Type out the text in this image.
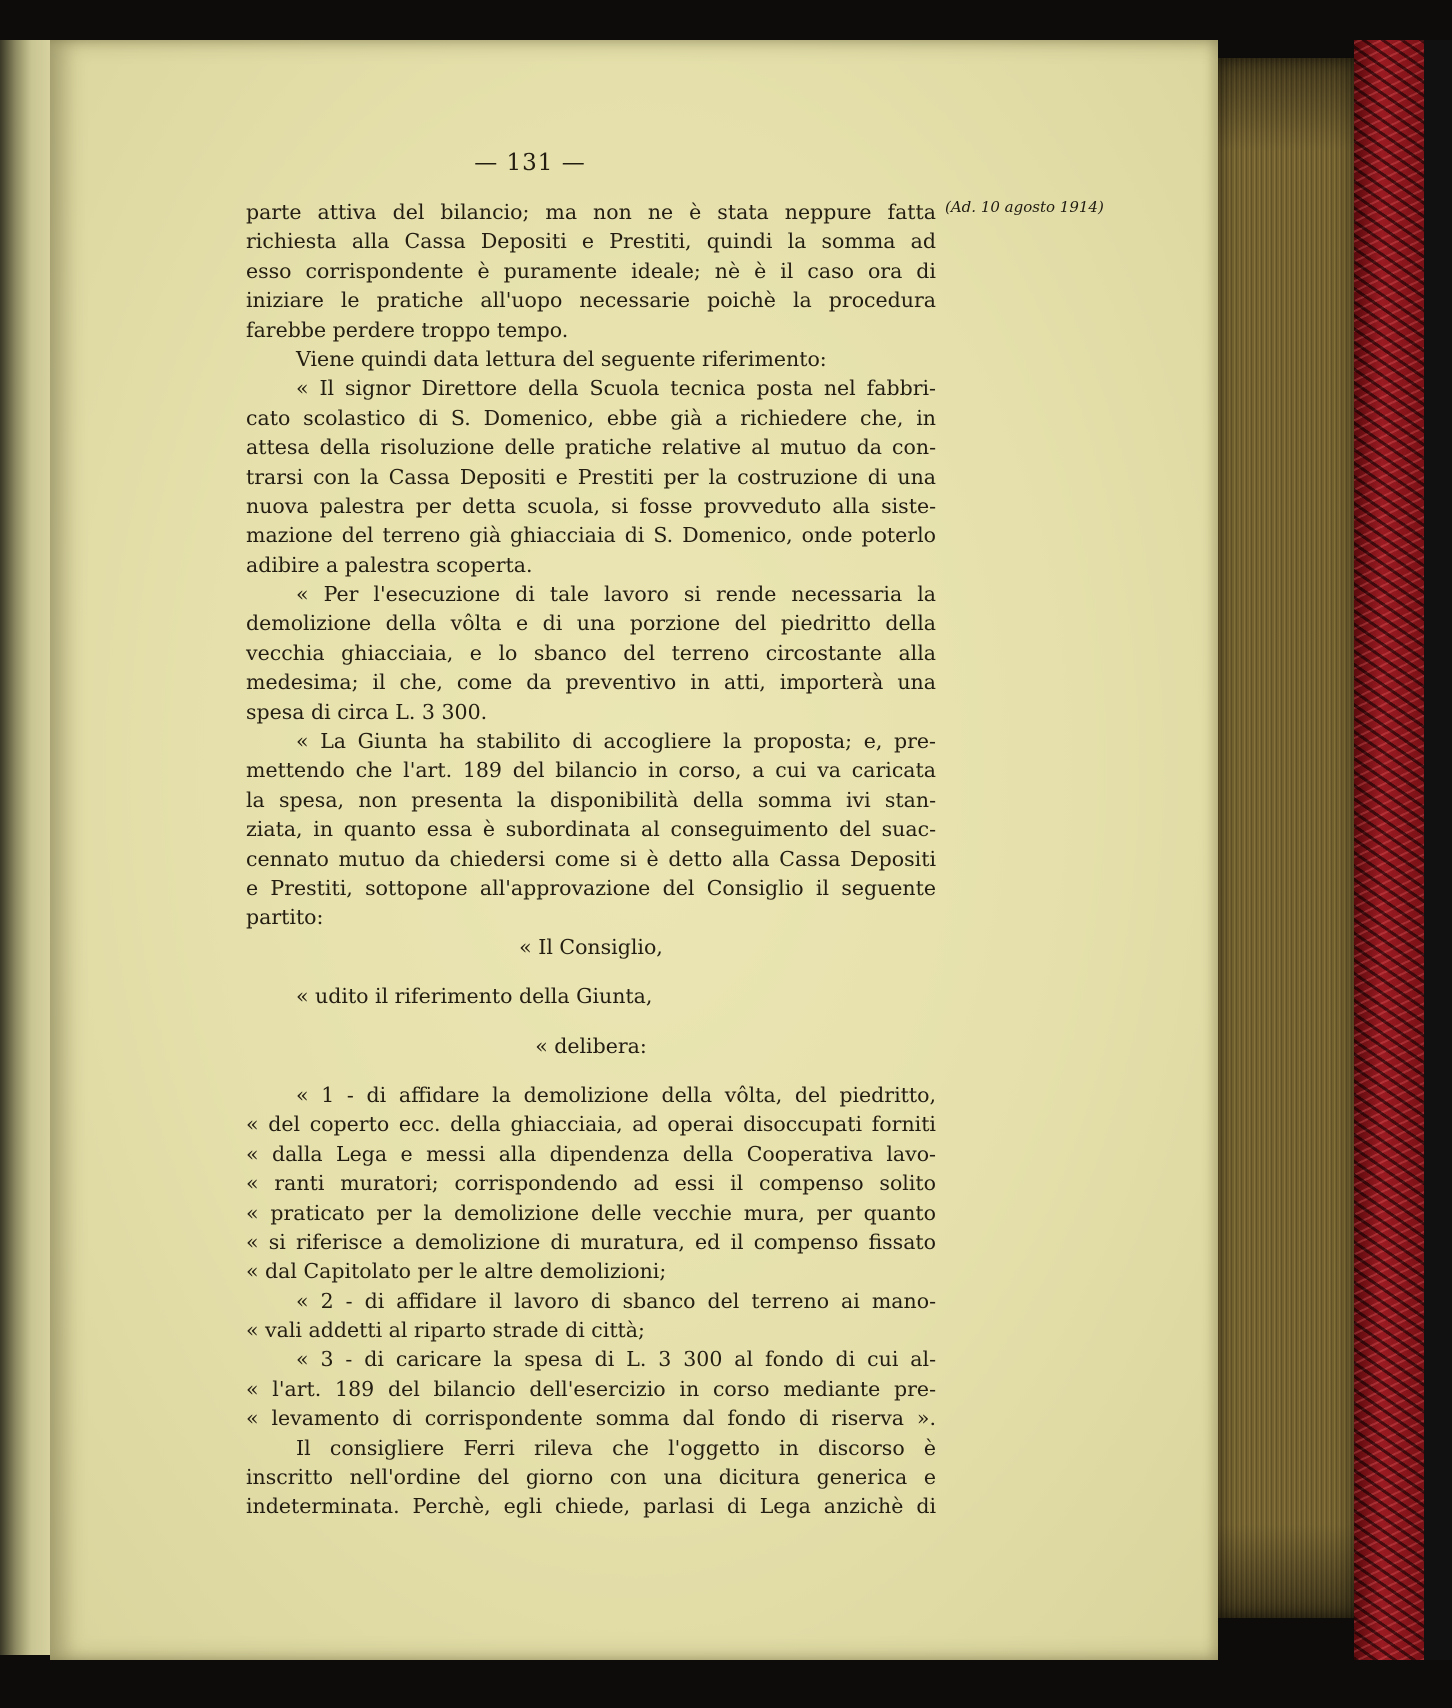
— 131 —
(Ad. 10 agosto 1914)
parte attiva del bilancio; ma non ne è stata neppure fatta
richiesta alla Cassa Depositi e Prestiti, quindi la somma ad
esso corrispondente è puramente ideale; nè è il caso ora di
iniziare le pratiche all'uopo necessarie poichè la procedura
farebbe perdere troppo tempo.
Viene quindi data lettura del seguente riferimento:
« Il signor Direttore della Scuola tecnica posta nel fabbri-
cato scolastico di S. Domenico, ebbe già a richiedere che, in
attesa della risoluzione delle pratiche relative al mutuo da con-
trarsi con la Cassa Depositi e Prestiti per la costruzione di una
nuova palestra per detta scuola, si fosse provveduto alla siste-
mazione del terreno già ghiacciaia di S. Domenico, onde poterlo
adibire a palestra scoperta.
« Per l'esecuzione di tale lavoro si rende necessaria la
demolizione della vôlta e di una porzione del piedritto della
vecchia ghiacciaia, e lo sbanco del terreno circostante alla
medesima; il che, come da preventivo in atti, importerà una
spesa di circa L. 3 300.
« La Giunta ha stabilito di accogliere la proposta; e, pre-
mettendo che l'art. 189 del bilancio in corso, a cui va caricata
la spesa, non presenta la disponibilità della somma ivi stan-
ziata, in quanto essa è subordinata al conseguimento del suac-
cennato mutuo da chiedersi come si è detto alla Cassa Depositi
e Prestiti, sottopone all'approvazione del Consiglio il seguente
partito:
« Il Consiglio,
« udito il riferimento della Giunta,
« delibera:
« 1 - di affidare la demolizione della vôlta, del piedritto,
« del coperto ecc. della ghiacciaia, ad operai disoccupati forniti
« dalla Lega e messi alla dipendenza della Cooperativa lavo-
« ranti muratori; corrispondendo ad essi il compenso solito
« praticato per la demolizione delle vecchie mura, per quanto
« si riferisce a demolizione di muratura, ed il compenso fissato
« dal Capitolato per le altre demolizioni;
« 2 - di affidare il lavoro di sbanco del terreno ai mano-
« vali addetti al riparto strade di città;
« 3 - di caricare la spesa di L. 3 300 al fondo di cui al-
« l'art. 189 del bilancio dell'esercizio in corso mediante pre-
« levamento di corrispondente somma dal fondo di riserva ».
Il consigliere Ferri rileva che l'oggetto in discorso è
inscritto nell'ordine del giorno con una dicitura generica e
indeterminata. Perchè, egli chiede, parlasi di Lega anzichè di
